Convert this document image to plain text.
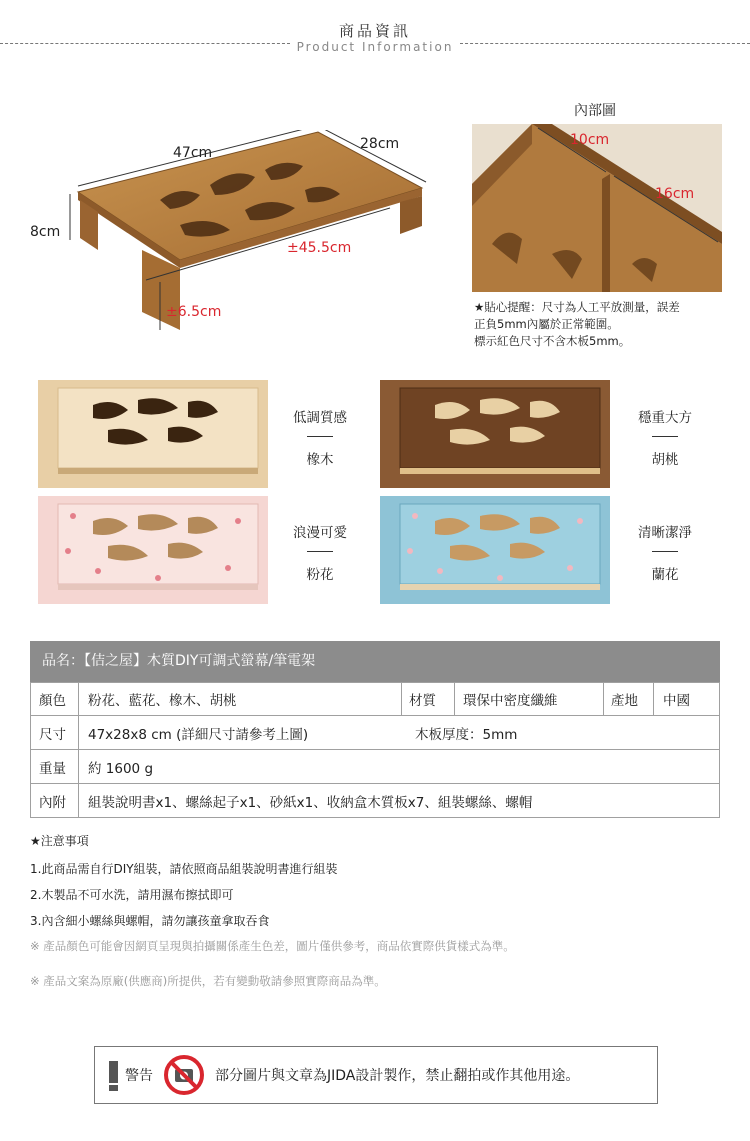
商品資訊
Product Information
47cm
28cm
8cm
±45.5cm
±6.5cm
內部圖
10cm
16cm
★貼心提醒：尺寸為人工平放測量，誤差
正負5mm內屬於正常範圍。
標示紅色尺寸不含木板5mm。
低調質感
橡木
穩重大方
胡桃
浪漫可愛
粉花
清晰潔淨
蘭花
品名：【佶之屋】木質DIY可調式螢幕/筆電架
顏色 粉花、藍花、橡木、胡桃	材質 環保中密度纖維	產地 中國
尺寸 47x28x8 cm (詳細尺寸請參考上圖)	木板厚度：5mm
重量 約 1600 g
內附 組裝說明書x1、螺絲起子x1、砂紙x1、收納盒木質板x7、組裝螺絲、螺帽
★注意事項
1.此商品需自行DIY組裝，請依照商品組裝說明書進行組裝
2.木製品不可水洗，請用濕布擦拭即可
3.內含細小螺絲與螺帽，請勿讓孩童拿取吞食
※ 產品顏色可能會因網頁呈現與拍攝關係產生色差，圖片僅供參考，商品依實際供貨樣式為準。
※ 產品文案為原廠(供應商)所提供，若有變動敬請參照實際商品為準。
警告	部分圖片與文章為JIDA設計製作，禁止翻拍或作其他用途。
